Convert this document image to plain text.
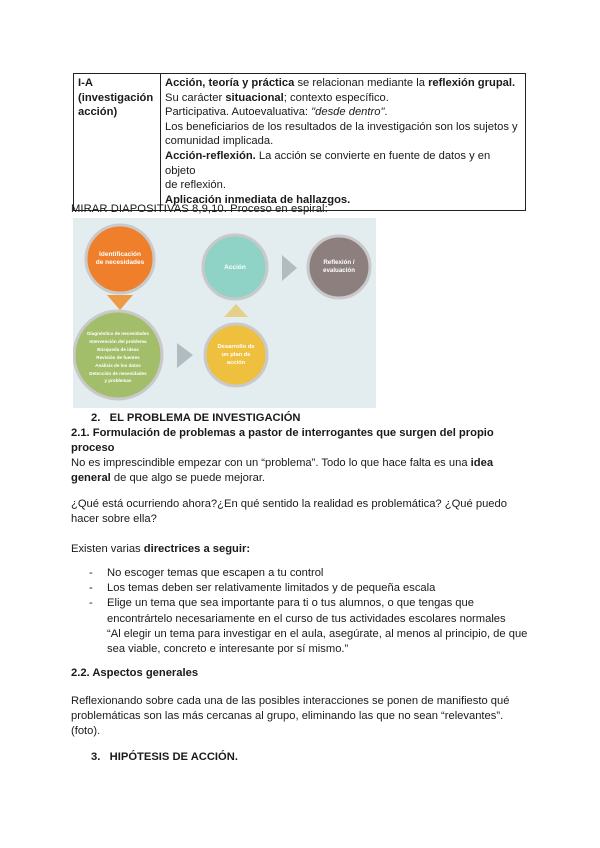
I-A
(investigación
acción)

Acción, teoría y práctica se relacionan mediante la reflexión grupal.
Su carácter situacional; contexto específico.
Participativa. Autoevaluativa: "desde dentro".
Los beneficiarios de los resultados de la investigación son los sujetos y
comunidad implicada.
Acción-reflexión. La acción se convierte en fuente de datos y en objeto
de reflexión.
Aplicación inmediata de hallazgos.
MIRAR DIAPOSITIVAS 8,9,10. Proceso en espiral:
Identificación
de necesidades
Acción
Reflexión /
evaluación
Diagnóstico de necesidades
Intervención del problema
Búsqueda de ideas
Revisión de fuentes
Análisis de los datos
Detección de necesidades
y problemas
Desarrollo de
un plan de
acción
2. EL PROBLEMA DE INVESTIGACIÓN
2.1. Formulación de problemas a pastor de interrogantes que surgen del propio
proceso
No es imprescindible empezar con un “problema”. Todo lo que hace falta es una idea
general de que algo se puede mejorar.
¿Qué está ocurriendo ahora?¿En qué sentido la realidad es problemática? ¿Qué puedo
hacer sobre ella?
Existen varias directrices a seguir:
- No escoger temas que escapen a tu control
- Los temas deben ser relativamente limitados y de pequeña escala
- Elige un tema que sea importante para ti o tus alumnos, o que tengas que
encontrártelo necesariamente en el curso de tus actividades escolares normales
“Al elegir un tema para investigar en el aula, asegúrate, al menos al principio, de que
sea viable, concreto e interesante por sí mismo.”
2.2. Aspectos generales
Reflexionando sobre cada una de las posibles interacciones se ponen de manifiesto qué
problemáticas son las más cercanas al grupo, eliminando las que no sean “relevantes”.
(foto).
3. HIPÓTESIS DE ACCIÓN.
